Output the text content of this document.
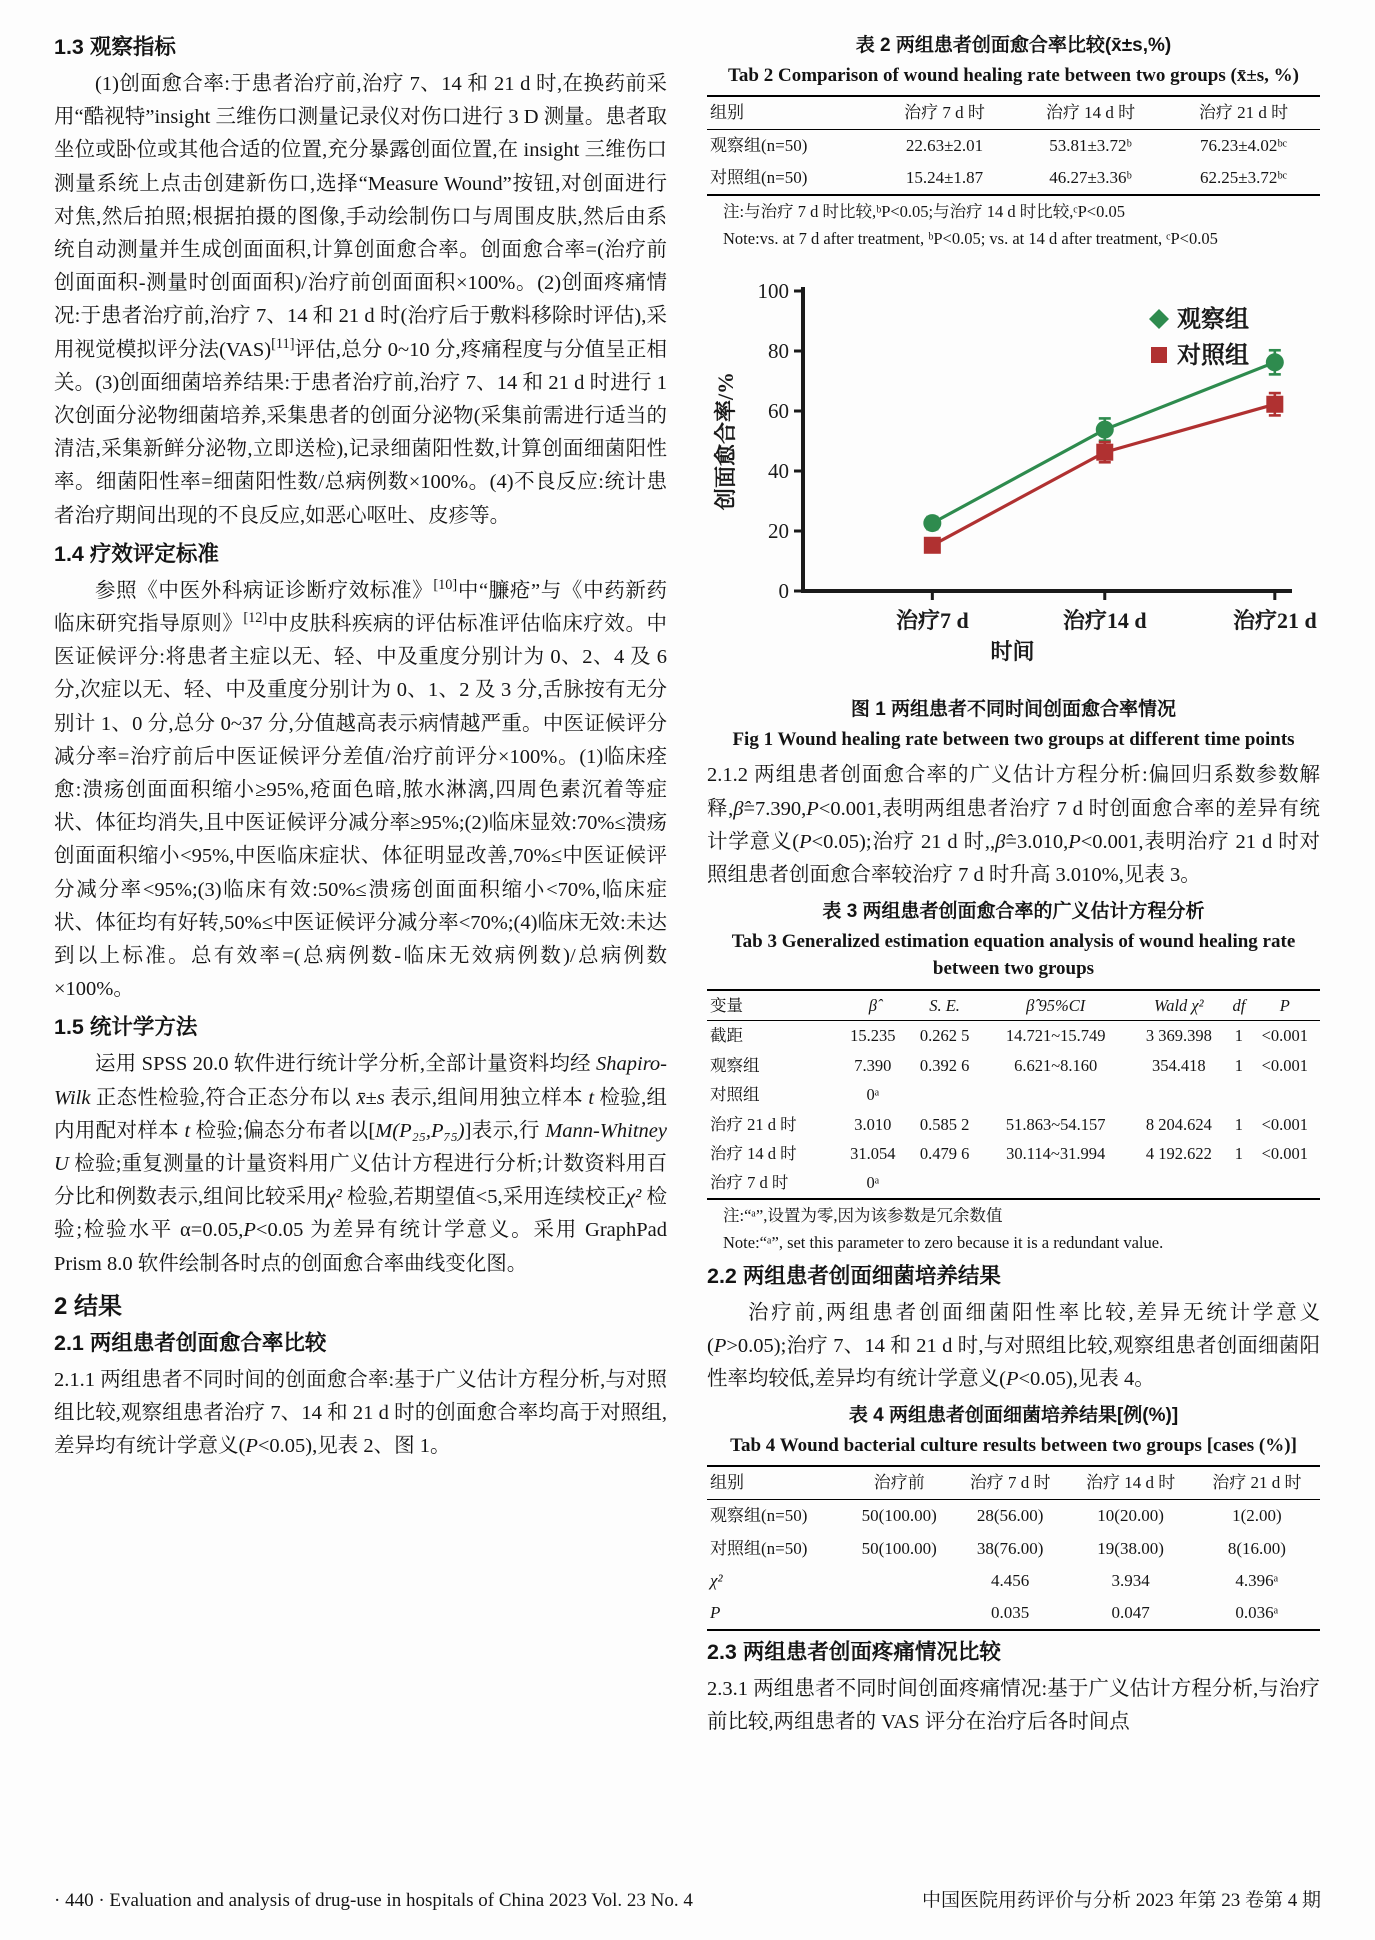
1.3 观察指标

(1)创面愈合率:于患者治疗前,治疗 7、14 和 21 d 时,在换药前采用“酷视特”insight 三维伤口测量记录仪对伤口进行 3 D 测量。患者取坐位或卧位或其他合适的位置,充分暴露创面位置,在 insight 三维伤口测量系统上点击创建新伤口,选择“Measure Wound”按钮,对创面进行对焦,然后拍照;根据拍摄的图像,手动绘制伤口与周围皮肤,然后由系统自动测量并生成创面面积,计算创面愈合率。创面愈合率=(治疗前创面面积-测量时创面面积)/治疗前创面面积×100%。(2)创面疼痛情况:于患者治疗前,治疗 7、14 和 21 d 时(治疗后于敷料移除时评估),采用视觉模拟评分法(VAS)[11]评估,总分 0~10 分,疼痛程度与分值呈正相关。(3)创面细菌培养结果:于患者治疗前,治疗 7、14 和 21 d 时进行 1 次创面分泌物细菌培养,采集患者的创面分泌物(采集前需进行适当的清洁,采集新鲜分泌物,立即送检),记录细菌阳性数,计算创面细菌阳性率。细菌阳性率=细菌阳性数/总病例数×100%。(4)不良反应:统计患者治疗期间出现的不良反应,如恶心呕吐、皮疹等。

1.4 疗效评定标准

参照《中医外科病证诊断疗效标准》[10]中“臁疮”与《中药新药临床研究指导原则》[12]中皮肤科疾病的评估标准评估临床疗效。中医证候评分:将患者主症以无、轻、中及重度分别计为 0、2、4 及 6 分,次症以无、轻、中及重度分别计为 0、1、2 及 3 分,舌脉按有无分别计 1、0 分,总分 0~37 分,分值越高表示病情越严重。中医证候评分减分率=治疗前后中医证候评分差值/治疗前评分×100%。(1)临床痊愈:溃疡创面面积缩小≥95%,疮面色暗,脓水淋漓,四周色素沉着等症状、体征均消失,且中医证候评分减分率≥95%;(2)临床显效:70%≤溃疡创面面积缩小<95%,中医临床症状、体征明显改善,70%≤中医证候评分减分率<95%;(3)临床有效:50%≤溃疡创面面积缩小<70%,临床症状、体征均有好转,50%≤中医证候评分减分率<70%;(4)临床无效:未达到以上标准。总有效率=(总病例数-临床无效病例数)/总病例数×100%。

1.5 统计学方法

运用 SPSS 20.0 软件进行统计学分析,全部计量资料均经 Shapiro-Wilk 正态性检验,符合正态分布以 x̄±s 表示,组间用独立样本 t 检验,组内用配对样本 t 检验;偏态分布者以[M(P₂₅,P₇₅)]表示,行 Mann-Whitney U 检验;重复测量的计量资料用广义估计方程进行分析;计数资料用百分比和例数表示,组间比较采用χ² 检验,若期望值<5,采用连续校正χ² 检验;检验水平 α=0.05,P<0.05 为差异有统计学意义。采用 GraphPad Prism 8.0 软件绘制各时点的创面愈合率曲线变化图。

2 结果
2.1 两组患者创面愈合率比较

2.1.1 两组患者不同时间的创面愈合率:基于广义估计方程分析,与对照组比较,观察组患者治疗 7、14 和 21 d 时的创面愈合率均高于对照组,差异均有统计学意义(P<0.05),见表 2、图 1。

表 2 两组患者创面愈合率比较(x̄±s,%)
Tab 2 Comparison of wound healing rate between two groups (x̄±s, %)
组别	治疗 7 d 时	治疗 14 d 时	治疗 21 d 时
观察组(n=50)	22.63±2.01	53.81±3.72ᵇ	76.23±4.02ᵇᶜ
对照组(n=50)	15.24±1.87	46.27±3.36ᵇ	62.25±3.72ᵇᶜ
注:与治疗 7 d 时比较,ᵇP<0.05;与治疗 14 d 时比较,ᶜP<0.05
Note:vs. at 7 d after treatment, ᵇP<0.05; vs. at 14 d after treatment, ᶜP<0.05
0
20
40
60
80
100
治疗7 d	治疗14 d	治疗21 d
时间
创面愈合率/%
观察组
对照组
图 1 两组患者不同时间创面愈合率情况
Fig 1 Wound healing rate between two groups at different time points

2.1.2 两组患者创面愈合率的广义估计方程分析:偏回归系数参数解释,β̂=7.390,P<0.001,表明两组患者治疗 7 d 时创面愈合率的差异有统计学意义(P<0.05);治疗 21 d 时,,β̂=3.010,P<0.001,表明治疗 21 d 时对照组患者创面愈合率较治疗 7 d 时升高 3.010%,见表 3。

表 3 两组患者创面愈合率的广义估计方程分析
Tab 3 Generalized estimation equation analysis of wound healing rate between two groups
变量	β̂	S. E.	β̂ 95%CI	Wald χ²	df	P
截距	15.235	0.262 5	14.721~15.749	3 369.398	1	<0.001
观察组	7.390	0.392 6	6.621~8.160	354.418	1	<0.001
对照组	0ᵃ					
治疗 21 d 时	3.010	0.585 2	51.863~54.157	8 204.624	1	<0.001
治疗 14 d 时	31.054	0.479 6	30.114~31.994	4 192.622	1	<0.001
治疗 7 d 时	0ᵃ					
注:“ᵃ”,设置为零,因为该参数是冗余数值
Note:“ᵃ”, set this parameter to zero because it is a redundant value.
2.2 两组患者创面细菌培养结果

治疗前,两组患者创面细菌阳性率比较,差异无统计学意义(P>0.05);治疗 7、14 和 21 d 时,与对照组比较,观察组患者创面细菌阳性率均较低,差异均有统计学意义(P<0.05),见表 4。

表 4 两组患者创面细菌培养结果[例(%)]
Tab 4 Wound bacterial culture results between two groups [cases (%)]
组别	治疗前	治疗 7 d 时	治疗 14 d 时	治疗 21 d 时
观察组(n=50)	50(100.00)	28(56.00)	10(20.00)	1(2.00)
对照组(n=50)	50(100.00)	38(76.00)	19(38.00)	8(16.00)
χ²		4.456	3.934	4.396ᵃ
P		0.035	0.047	0.036ᵃ
2.3 两组患者创面疼痛情况比较

2.3.1 两组患者不同时间创面疼痛情况:基于广义估计方程分析,与治疗前比较,两组患者的 VAS 评分在治疗后各时间点

· 440 · Evaluation and analysis of drug-use in hospitals of China 2023 Vol. 23 No. 4	中国医院用药评价与分析 2023 年第 23 卷第 4 期
